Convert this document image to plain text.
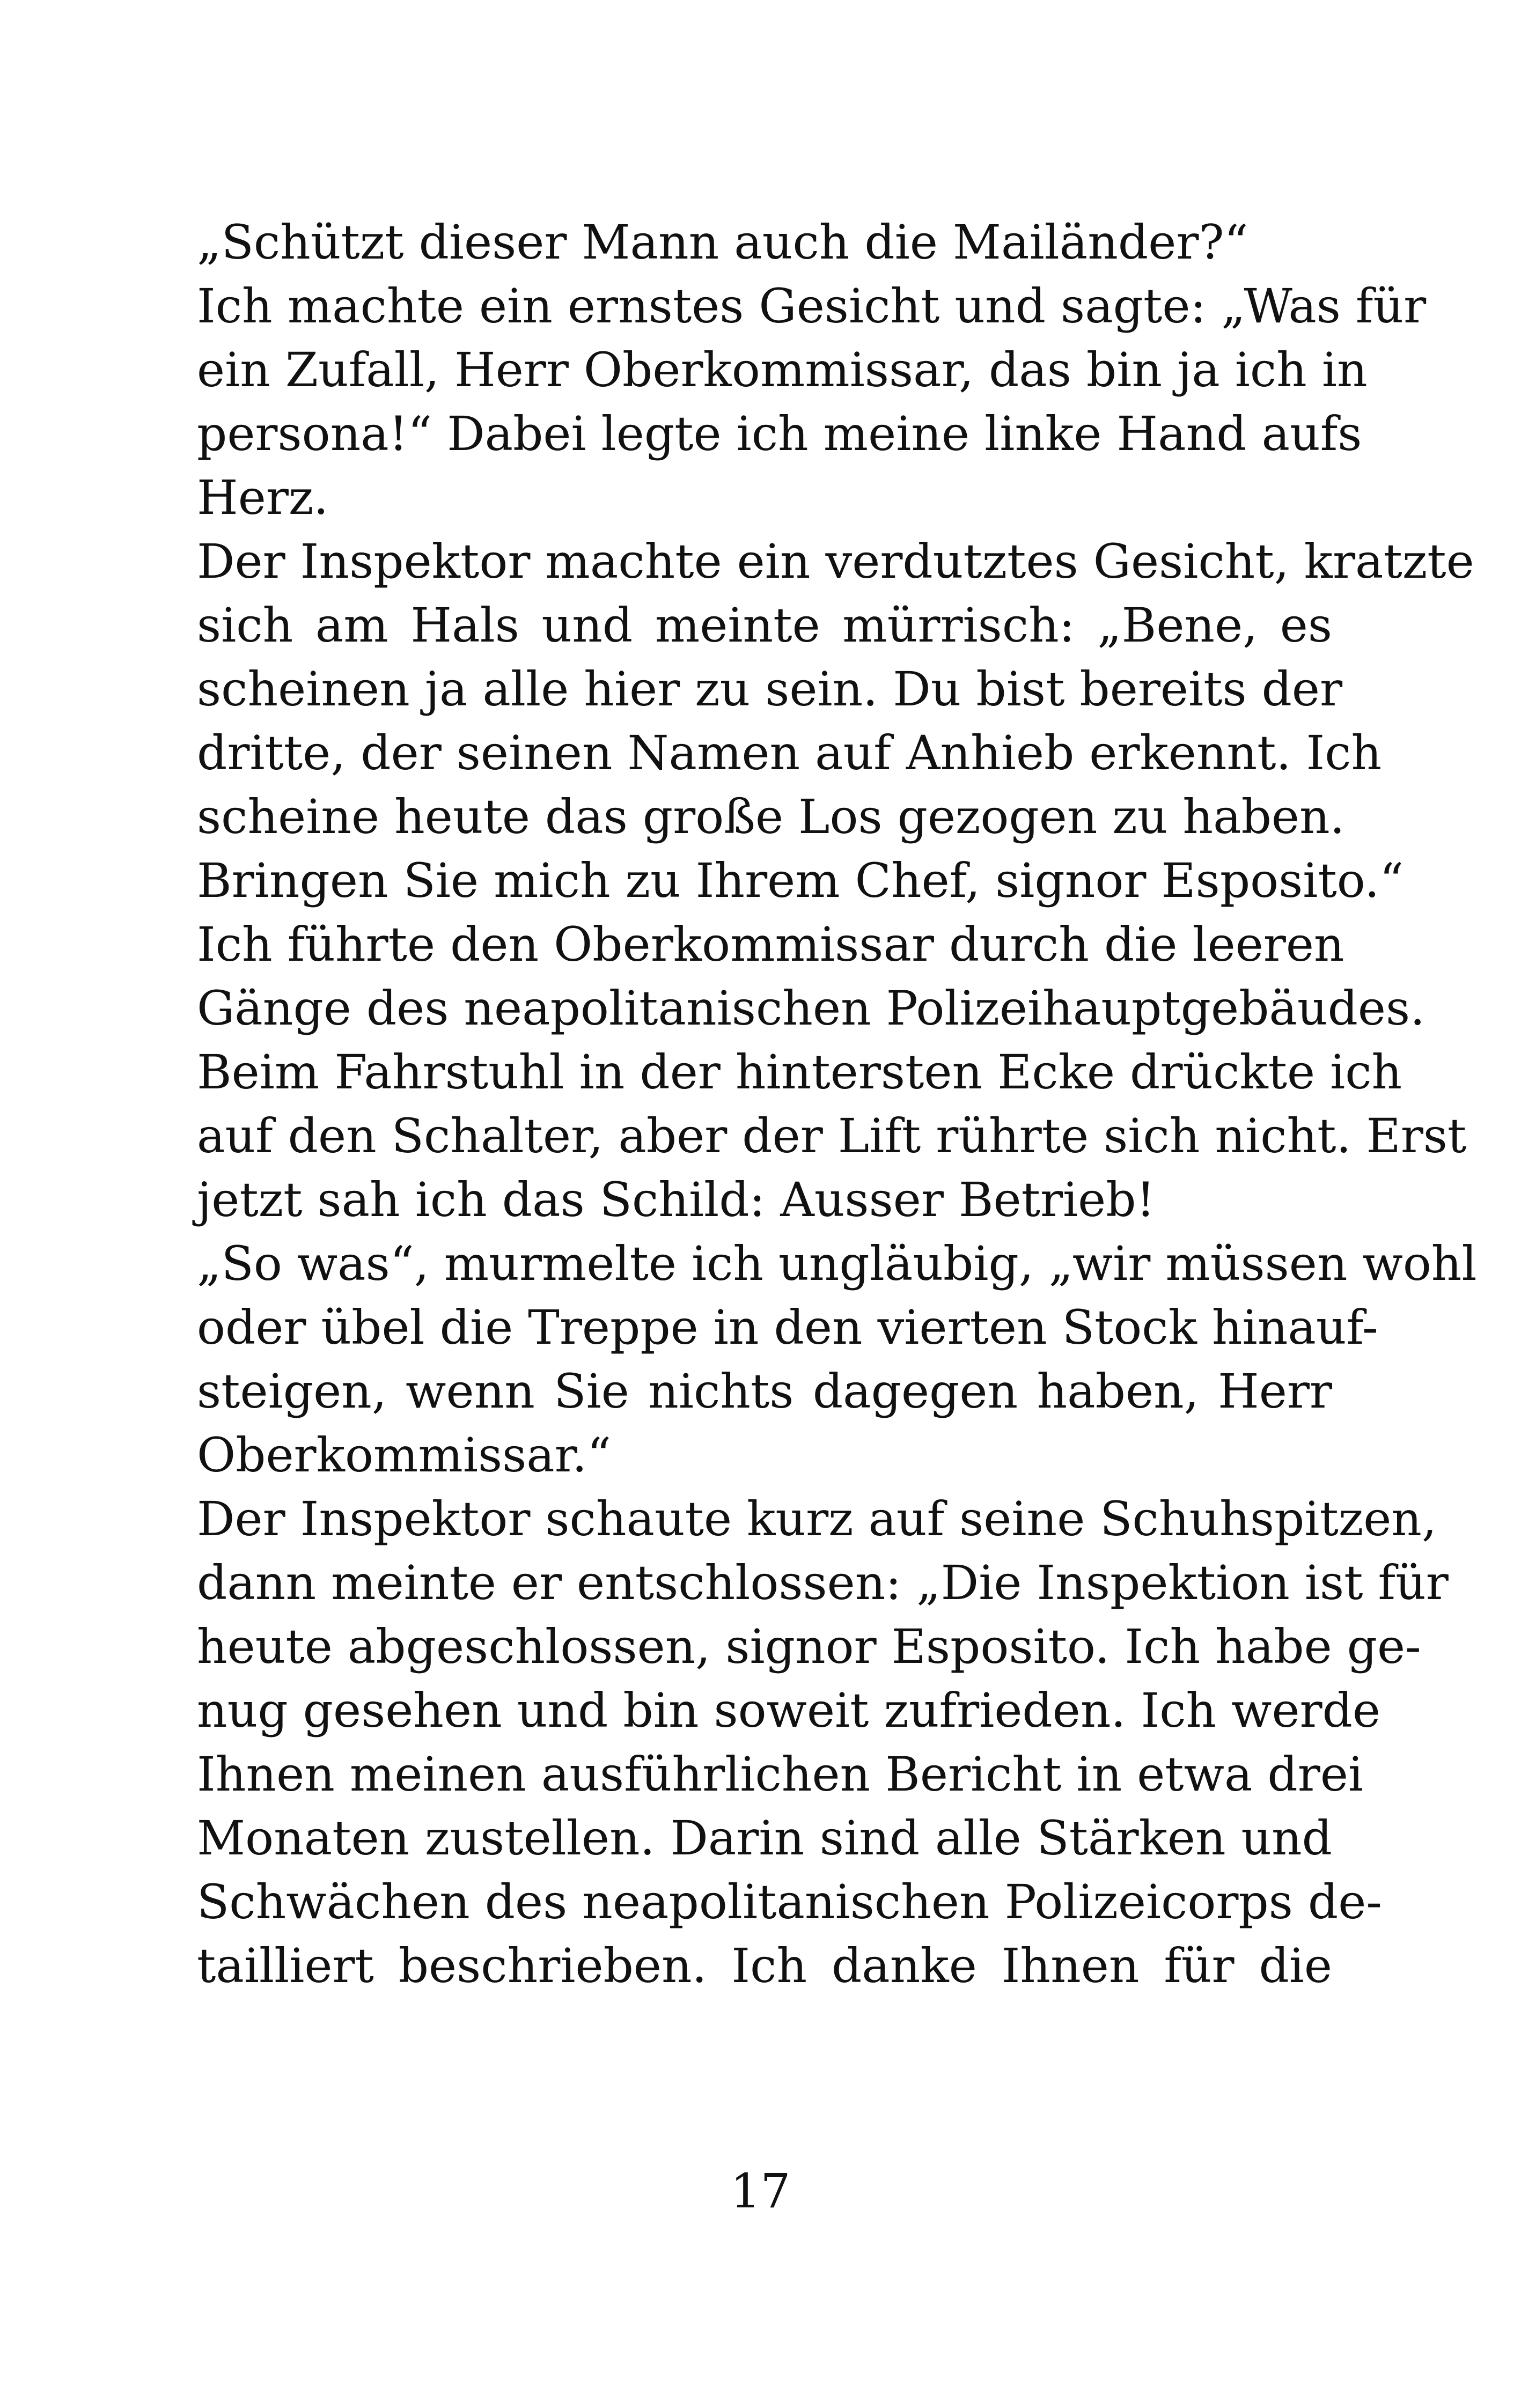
„Schützt dieser Mann auch die Mailänder?“
Ich machte ein ernstes Gesicht und sagte: „Was für
ein Zufall, Herr Oberkommissar, das bin ja ich in
persona!“ Dabei legte ich meine linke Hand aufs
Herz.
Der Inspektor machte ein verdutztes Gesicht, kratzte
sich am Hals und meinte mürrisch: „Bene, es
scheinen ja alle hier zu sein. Du bist bereits der
dritte, der seinen Namen auf Anhieb erkennt. Ich
scheine heute das große Los gezogen zu haben.
Bringen Sie mich zu Ihrem Chef, signor Esposito.“
Ich führte den Oberkommissar durch die leeren
Gänge des neapolitanischen Polizeihauptgebäudes.
Beim Fahrstuhl in der hintersten Ecke drückte ich
auf den Schalter, aber der Lift rührte sich nicht. Erst
jetzt sah ich das Schild: Ausser Betrieb!
„So was“, murmelte ich ungläubig, „wir müssen wohl
oder übel die Treppe in den vierten Stock hinauf-
steigen, wenn Sie nichts dagegen haben, Herr
Oberkommissar.“
Der Inspektor schaute kurz auf seine Schuhspitzen,
dann meinte er entschlossen: „Die Inspektion ist für
heute abgeschlossen, signor Esposito. Ich habe ge-
nug gesehen und bin soweit zufrieden. Ich werde
Ihnen meinen ausführlichen Bericht in etwa drei
Monaten zustellen. Darin sind alle Stärken und
Schwächen des neapolitanischen Polizeicorps de-
tailliert beschrieben. Ich danke Ihnen für die
17
